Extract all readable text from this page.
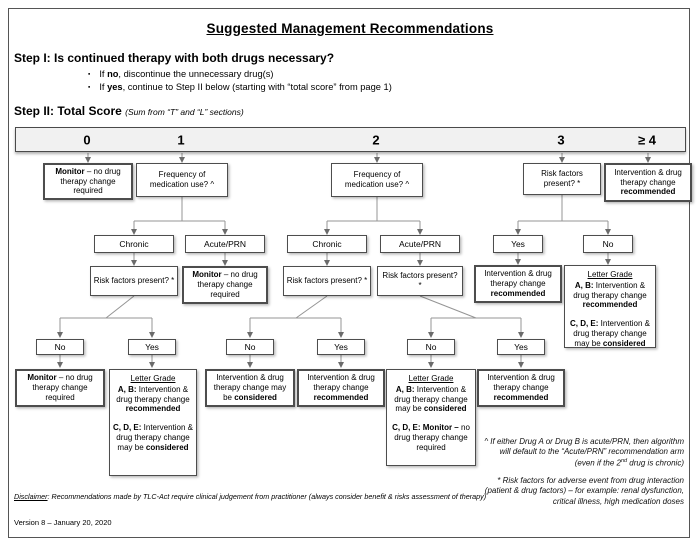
Suggested Management Recommendations
Step I: Is continued therapy with both drugs necessary?
▪ If no, discontinue the unnecessary drug(s)
▪ If yes, continue to Step II below (starting with “total score” from page 1)
Step II: Total Score (Sum from “T” and “L” sections)
0	1	2	3	≥ 4
Monitor – no drug therapy change required
Frequency of medication use? ^
Frequency of medication use? ^
Risk factors present? *
Intervention & drug therapy change recommended
Chronic	Acute/PRN	Chronic	Acute/PRN	Yes	No
Risk factors present? *
Monitor – no drug therapy change required
Risk factors present? *
Risk factors present? *
Intervention & drug therapy change recommended
Letter Grade
A, B: Intervention & drug therapy change recommended
C, D, E: Intervention & drug therapy change may be considered
No	Yes	No	Yes	No	Yes
Monitor – no drug therapy change required
Letter Grade
A, B: Intervention & drug therapy change recommended
C, D, E: Intervention & drug therapy change may be considered
Intervention & drug therapy change may be considered
Intervention & drug therapy change recommended
Letter Grade
A, B: Intervention & drug therapy change may be considered
C, D, E: Monitor – no drug therapy change required
Intervention & drug therapy change recommended
^ If either Drug A or Drug B is acute/PRN, then algorithm
will default to the “Acute/PRN” recommendation arm
(even if the 2nd drug is chronic)
* Risk factors for adverse event from drug interaction
(patient & drug factors) – for example: renal dysfunction,
critical illness, high medication doses
Disclaimer: Recommendations made by TLC-Act require clinical judgement from practitioner (always consider benefit & risks assessment of therapy)
Version 8 – January 20, 2020
